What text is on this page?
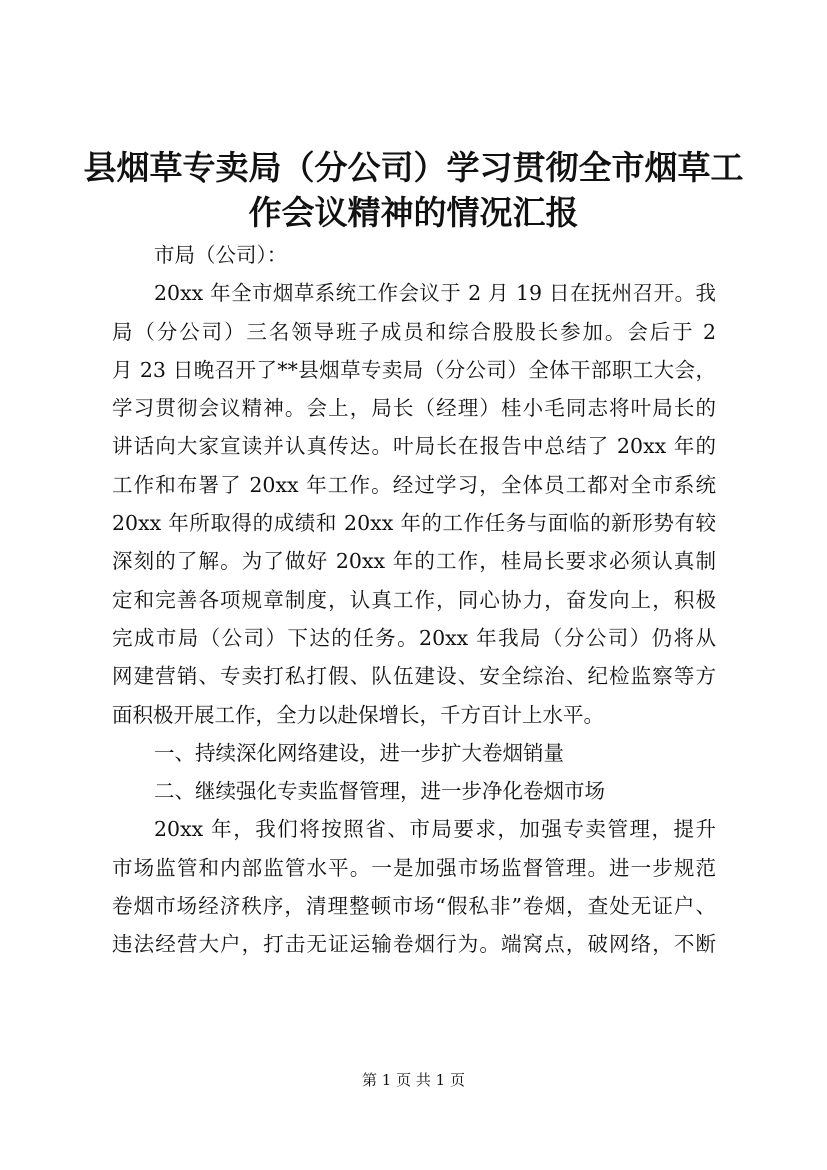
县烟草专卖局（分公司）学习贯彻全市烟草工
作会议精神的情况汇报
市局（公司）：
20xx 年全市烟草系统工作会议于 2 月 19 日在抚州召开。我
局（分公司）三名领导班子成员和综合股股长参加。会后于 2
月 23 日晚召开了**县烟草专卖局（分公司）全体干部职工大会，
学习贯彻会议精神。会上，局长（经理）桂小毛同志将叶局长的
讲话向大家宣读并认真传达。叶局长在报告中总结了 20xx 年的
工作和布署了 20xx 年工作。经过学习，全体员工都对全市系统
20xx 年所取得的成绩和 20xx 年的工作任务与面临的新形势有较
深刻的了解。为了做好 20xx 年的工作，桂局长要求必须认真制
定和完善各项规章制度，认真工作，同心协力，奋发向上，积极
完成市局（公司）下达的任务。20xx 年我局（分公司）仍将从
网建营销、专卖打私打假、队伍建设、安全综治、纪检监察等方
面积极开展工作，全力以赴保增长，千方百计上水平。
一、持续深化网络建设，进一步扩大卷烟销量
二、继续强化专卖监督管理，进一步净化卷烟市场
20xx 年，我们将按照省、市局要求，加强专卖管理，提升
市场监管和内部监管水平。一是加强市场监督管理。进一步规范
卷烟市场经济秩序，清理整顿市场“假私非”卷烟，查处无证户、
违法经营大户，打击无证运输卷烟行为。端窝点，破网络，不断
第 1 页 共 1 页
